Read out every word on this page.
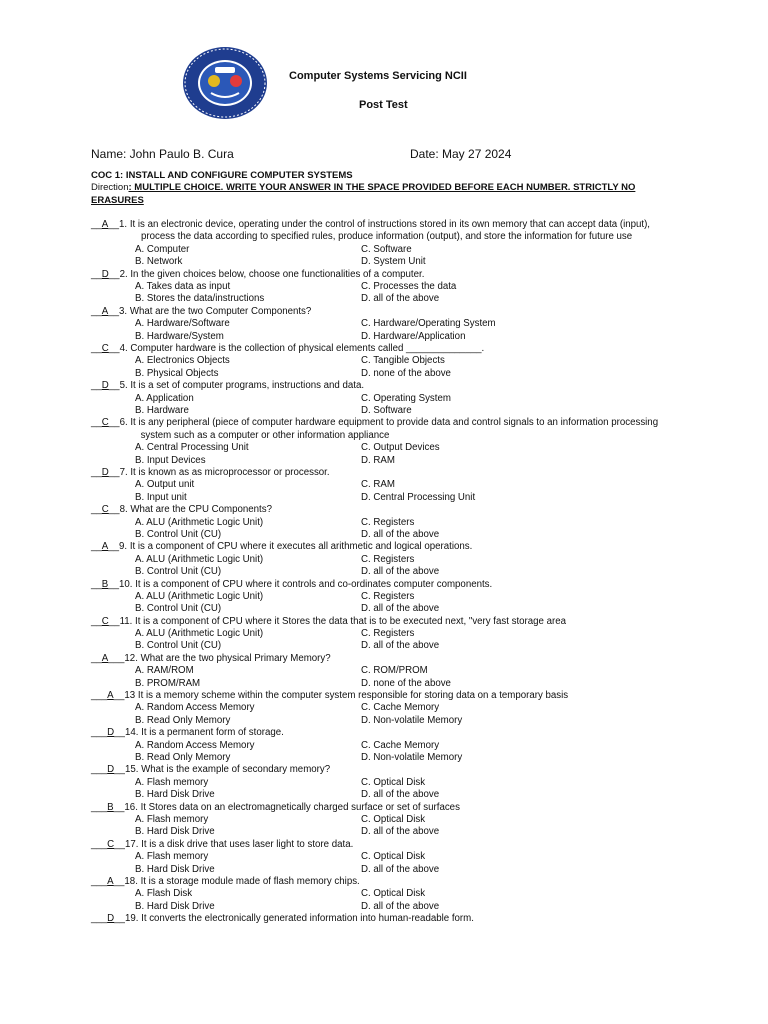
Computer Systems Servicing NCII
Post Test
Name: John Paulo B. Cura	Date: May 27 2024
COC 1: INSTALL AND CONFIGURE COMPUTER SYSTEMS
Direction: MULTIPLE CHOICE. WRITE YOUR ANSWER IN THE SPACE PROVIDED BEFORE EACH NUMBER. STRICTLY NO ERASURES
__ A __ 1. It is an electronic device, operating under the control of instructions stored in its own memory that can accept data (input), process the data according to specified rules, produce information (output), and store the information for future use
A. Computer	C. Software
B. Network	D. System Unit
__ D __ 2. In the given choices below, choose one functionalities of a computer.
A. Takes data as input	C. Processes the data
B. Stores the data/instructions	D. all of the above
__ A __ 3. What are the two Computer Components?
A. Hardware/Software	C. Hardware/Operating System
B. Hardware/System	D. Hardware/Application
__ C __ 4. Computer hardware is the collection of physical elements called ______________.
A. Electronics Objects	C. Tangible Objects
B. Physical Objects	D. none of the above
__ D __ 5. It is a set of computer programs, instructions and data.
A. Application	C. Operating System
B. Hardware	D. Software
__ C __ 6. It is any peripheral (piece of computer hardware equipment to provide data and control signals to an information processing system such as a computer or other information appliance
A. Central Processing Unit	C. Output Devices
B. Input Devices	D. RAM
__ D __ 7. It is known as as microprocessor or processor.
A. Output unit	C. RAM
B. Input unit	D. Central Processing Unit
__ C __ 8. What are the CPU Components?
A. ALU (Arithmetic Logic Unit)	C. Registers
B. Control Unit (CU)	D. all of the above
__ A __ 9. It is a component of CPU where it executes all arithmetic and logical operations.
A. ALU (Arithmetic Logic Unit)	C. Registers
B. Control Unit (CU)	D. all of the above
__ B __ 10. It is a component of CPU where it controls and co-ordinates computer components.
A. ALU (Arithmetic Logic Unit)	C. Registers
B. Control Unit (CU)	D. all of the above
__ C __ 11. It is a component of CPU where it Stores the data that is to be executed next, "very fast storage area
A. ALU (Arithmetic Logic Unit)	C. Registers
B. Control Unit (CU)	D. all of the above
__ A ___ 12. What are the two physical Primary Memory?
A. RAM/ROM	C. ROM/PROM
B. PROM/RAM	D. none of the above
___ A __ 13 It is a memory scheme within the computer system responsible for storing data on a temporary basis
A. Random Access Memory	C. Cache Memory
B. Read Only Memory	D. Non-volatile Memory
___ D __ 14. It is a permanent form of storage.
A. Random Access Memory	C. Cache Memory
B. Read Only Memory	D. Non-volatile Memory
___ D __ 15. What is the example of secondary memory?
A. Flash memory	C. Optical Disk
B. Hard Disk Drive	D. all of the above
___ B __ 16. It Stores data on an electromagnetically charged surface or set of surfaces
A. Flash memory	C. Optical Disk
B. Hard Disk Drive	D. all of the above
___ C __ 17. It is a disk drive that uses laser light to store data.
A. Flash memory	C. Optical Disk
B. Hard Disk Drive	D. all of the above
___ A __ 18. It is a storage module made of flash memory chips.
A. Flash Disk	C. Optical Disk
B. Hard Disk Drive	D. all of the above
___ D __ 19. It converts the electronically generated information into human-readable form.
